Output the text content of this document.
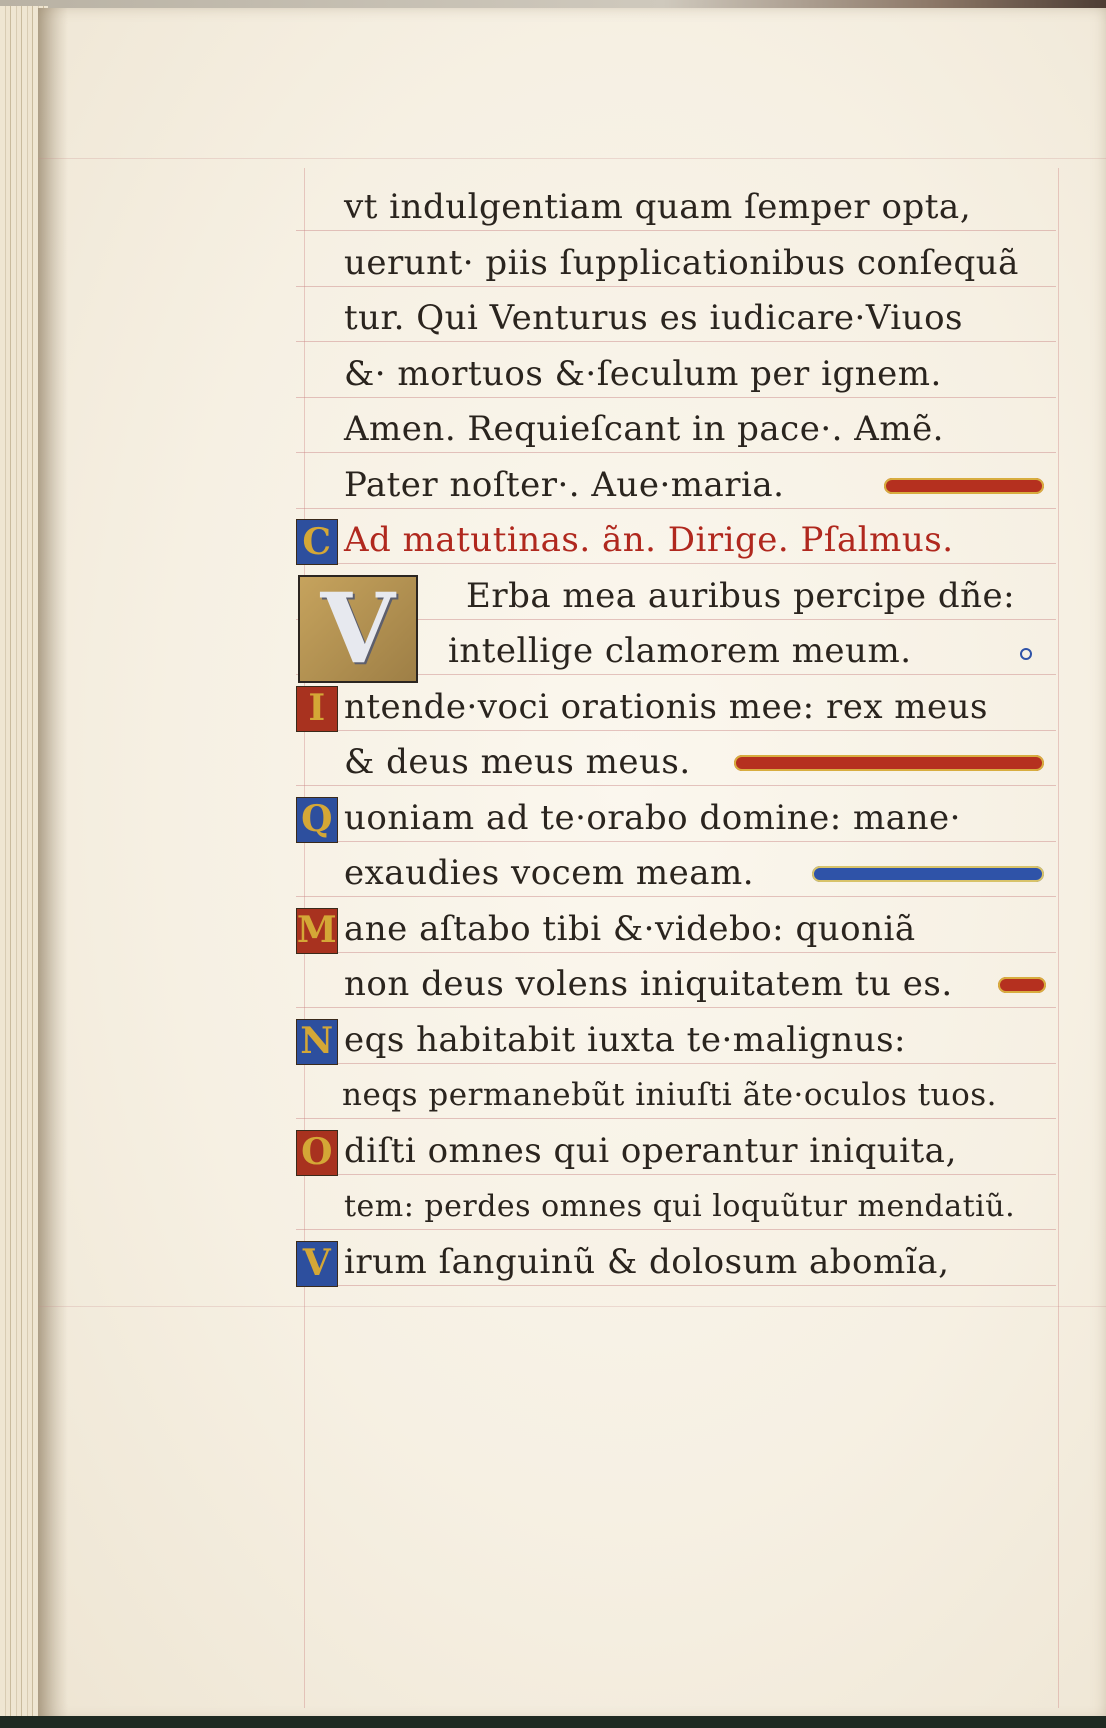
vt indulgentiam quam ſemper opta‚
uerunt· piis ſupplicationibus conſequã
tur. Qui Venturus es iudicare·Viuos
&· mortuos &·ſeculum per ignem.
Amen. Requieſcant in pace·. Amẽ.
Pater noſter·. Aue·maria.
C Ad matutinas. ãn. Dirige. Pſalmus.
V	Erba mea auribus percipe dñe:
intellige clamorem meum.
I ntende·voci orationis mee: rex meus
& deus meus meus.
Q uoniam ad te·orabo domine: mane·
exaudies vocem meam.
M ane aſtabo tibi &·videbo: quoniã
non deus volens iniquitatem tu es.
N eqs habitabit iuxta te·malignus:
neqs permanebũt iniuſti ãte·oculos tuos.
O diſti omnes qui operantur iniquita‚
tem: perdes omnes qui loquũtur mendatiũ.
V irum ſanguinũ & dolosum abomĩa‚
